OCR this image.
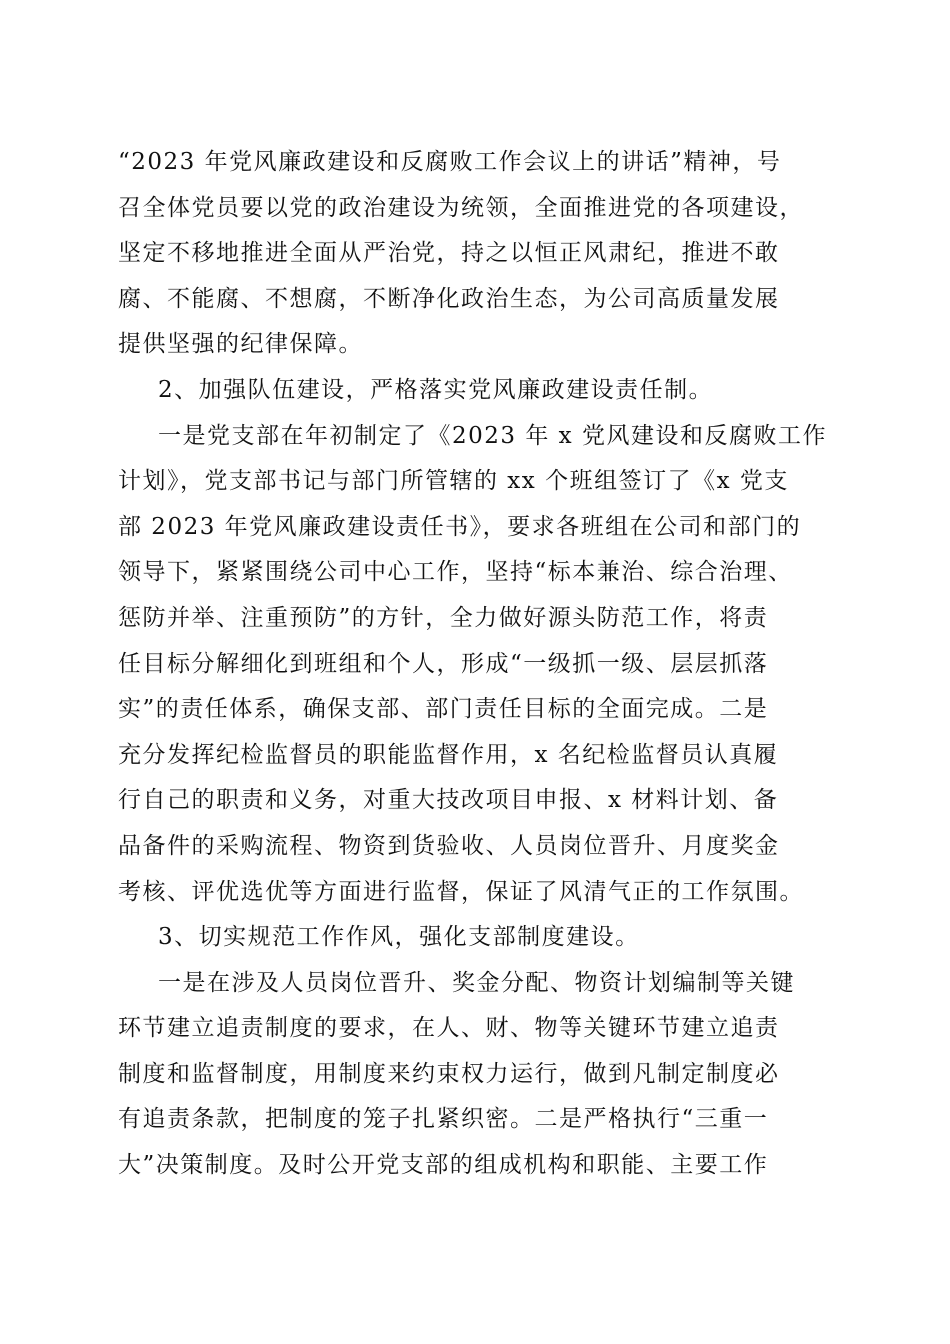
“2023 年党风廉政建设和反腐败工作会议上的讲话”精神，号
召全体党员要以党的政治建设为统领，全面推进党的各项建设，
坚定不移地推进全面从严治党，持之以恒正风肃纪，推进不敢
腐、不能腐、不想腐，不断净化政治生态，为公司高质量发展
提供坚强的纪律保障。
2、加强队伍建设，严格落实党风廉政建设责任制。
一是党支部在年初制定了《2023 年 x 党风建设和反腐败工作
计划》，党支部书记与部门所管辖的 xx 个班组签订了《x 党支
部 2023 年党风廉政建设责任书》，要求各班组在公司和部门的
领导下，紧紧围绕公司中心工作，坚持“标本兼治、综合治理、
惩防并举、注重预防”的方针，全力做好源头防范工作，将责
任目标分解细化到班组和个人，形成“一级抓一级、层层抓落
实”的责任体系，确保支部、部门责任目标的全面完成。二是
充分发挥纪检监督员的职能监督作用，x 名纪检监督员认真履
行自己的职责和义务，对重大技改项目申报、x 材料计划、备
品备件的采购流程、物资到货验收、人员岗位晋升、月度奖金
考核、评优选优等方面进行监督，保证了风清气正的工作氛围。
3、切实规范工作作风，强化支部制度建设。
一是在涉及人员岗位晋升、奖金分配、物资计划编制等关键
环节建立追责制度的要求，在人、财、物等关键环节建立追责
制度和监督制度，用制度来约束权力运行，做到凡制定制度必
有追责条款，把制度的笼子扎紧织密。二是严格执行“三重一
大”决策制度。及时公开党支部的组成机构和职能、主要工作
